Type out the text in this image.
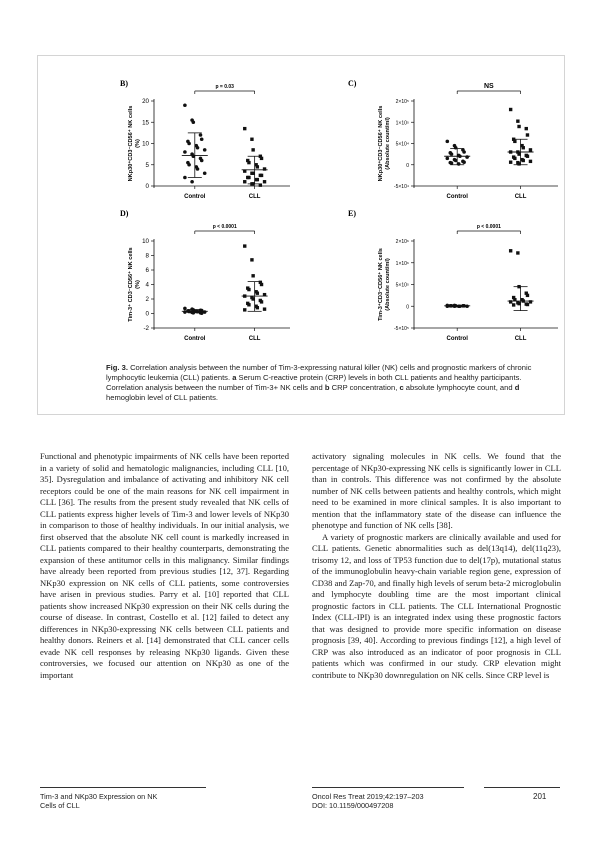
B)
0
5
10
15
20
NKp30⁺CD3⁻CD56⁺ NK cells (%)
Control	CLL
p = 0.03	C)
-5×10⁴
0
5×10⁴
1×10⁵
2×10⁵
NKp30⁺CD3⁻CD56⁺ NK cells (Absolute count/ml)
Control	CLL
NS
D)
-2
0
2
4
6
8
10
Tim-3⁺ CD3⁻CD56⁺ NK cells (%)
Control	CLL
p < 0.0001
E)
-5×10⁵
0
5×10⁵
1×10⁶
2×10⁶
Tim-3⁺CD3⁻CD56⁺ NK cells (Absolute count/ml)
Control	CLL
p < 0.0001
Fig. 3. Correlation analysis between the number of Tim-3-expressing natural killer (NK) cells and prognostic markers of chronic lymphocytic leukemia (CLL) patients. a Serum C-reactive protein (CRP) levels in both CLL patients and healthy participants. Correlation analysis between the number of Tim-3+ NK cells and b CRP concentration, c absolute lymphocyte count, and d hemoglobin level of CLL patients.

Functional and phenotypic impairments of NK cells have been reported in a variety of solid and hematologic malignancies, including CLL [10, 35]. Dysregulation and imbalance of activating and inhibitory NK cell receptors could be one of the main reasons for NK cell impairment in CLL [36]. The results from the present study revealed that NK cells of CLL patients express higher levels of Tim-3 and lower levels of NKp30 in comparison to those of healthy individuals. In our initial analysis, we first observed that the absolute NK cell count is markedly increased in CLL patients compared to their healthy counterparts, demonstrating the expansion of these antitumor cells in this malignancy. Similar findings have already been reported from previous studies [12, 37]. Regarding NKp30 expression on NK cells of CLL patients, some controversies have arisen in previous studies. Parry et al. [10] reported that CLL patients show increased NKp30 expression on their NK cells during the course of disease. In contrast, Costello et al. [12] failed to detect any differences in NKp30-expressing NK cells between CLL patients and healthy donors. Reiners et al. [14] demonstrated that CLL cancer cells evade NK cell responses by releasing NKp30 ligands. Given these controversies, we focused our attention on NKp30 as one of the important

activatory signaling molecules in NK cells. We found that the percentage of NKp30-expressing NK cells is significantly lower in CLL than in controls. This difference was not confirmed by the absolute number of NK cells between patients and healthy controls, which might need to be examined in more clinical samples. It is also important to mention that the inflammatory state of the disease can influence the phenotype and function of NK cells [38].

A variety of prognostic markers are clinically available and used for CLL patients. Genetic abnormalities such as del(13q14), del(11q23), trisomy 12, and loss of TP53 function due to del(17p), mutational status of the immunoglobulin heavy-chain variable region gene, expression of CD38 and Zap-70, and finally high levels of serum beta-2 microglobulin and lymphocyte doubling time are the most important clinical prognostic factors in CLL patients. The CLL International Prognostic Index (CLL-IPI) is an integrated index using these prognostic factors that was designed to provide more specific information on disease prognosis [39, 40]. According to previous findings [12], a high level of CRP was also introduced as an indicator of poor prognosis in CLL patients which was confirmed in our study. CRP elevation might contribute to NKp30 downregulation on NK cells. Since CRP level is

Tim-3 and NKp30 Expression on NK
Cells of CLL
Oncol Res Treat 2019;42:197–203
DOI: 10.1159/000497208
201
